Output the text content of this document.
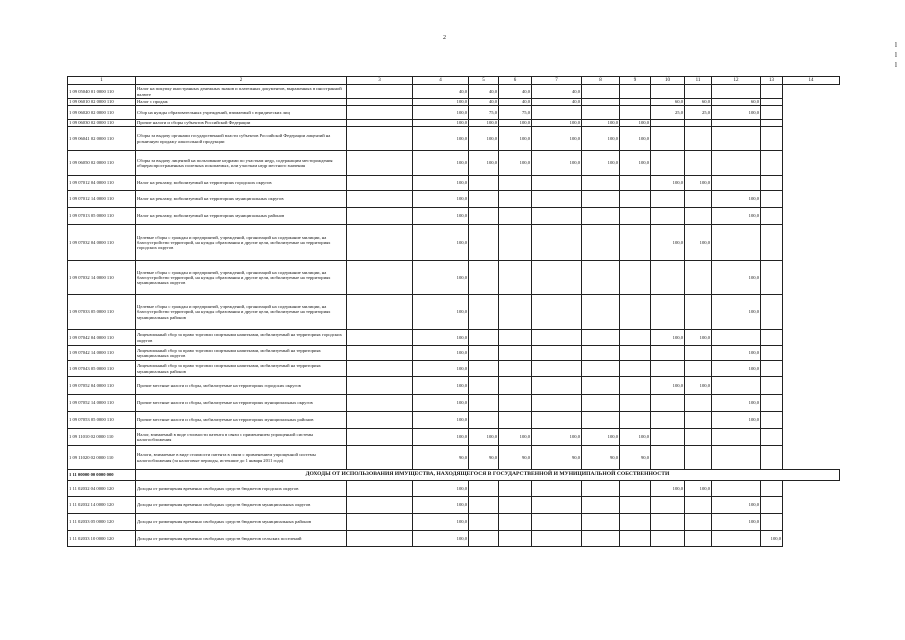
2
l
l
l
1	2	3	4	5	6	7	8	9	10	11	12	13	14
1 09 05040 01 0000 110	Налог на покупку иностранных денежных знаков и платежных документов, выраженных в иностранной валюте		40,0	40,0	40,0	40,0							
1 09 06010 02 0000 110	Налог с продаж		100,0	40,0	40,0	40,0			60,0	60,0	60,0		
1 09 06020 02 0000 110	Сбор на нужды образовательных учреждений, взимаемый с юридических лиц		100,0	75,0	75,0				25,0	25,0	100,0		
1 09 06030 02 0000 110	Прочие налоги и сборы субъектов Российской Федерации		100,0	100,0	100,0	100,0	100,0	100,0					
1 09 06041 02 0000 110	Сборы за выдачу органами государственной власти субъектов Российской Федерации лицензий на розничную продажу алкогольной продукции		100,0	100,0	100,0	100,0	100,0	100,0					
1 09 06050 02 0000 110	Сборы за выдачу лицензий на пользование недрами по участкам недр, содержащим месторождения общераспространенных полезных ископаемых, или участкам недр местного значения		100,0	100,0	100,0	100,0	100,0	100,0					
1 09 07012 04 0000 110	Налог на рекламу, мобилизуемый на территориях городских округов		100,0						100,0	100,0			
1 09 07012 14 0000 110	Налог на рекламу, мобилизуемый на территориях муниципальных округов		100,0								100,0		
1 09 07013 05 0000 110	Налог на рекламу, мобилизуемый на территориях муниципальных районов		100,0								100,0		
1 09 07032 04 0000 110	Целевые сборы с граждан и предприятий, учреждений, организаций на содержание милиции, на благоустройство территорий, на нужды образования и другие цели, мобилизуемые на территориях городских округов		100,0						100,0	100,0			
1 09 07032 14 0000 110	Целевые сборы с граждан и предприятий, учреждений, организаций на содержание милиции, на благоустройство территорий, на нужды образования и другие цели, мобилизуемые на территориях муниципальных округов		100,0								100,0		
1 09 07033 05 0000 110	Целевые сборы с граждан и предприятий, учреждений, организаций на содержание милиции, на благоустройство территорий, на нужды образования и другие цели, мобилизуемые на территориях муниципальных районов		100,0								100,0		
1 09 07042 04 0000 110	Лицензионный сбор за право торговли спиртными напитками, мобилизуемый на территориях городских округов		100,0						100,0	100,0			
1 09 07042 14 0000 110	Лицензионный сбор за право торговли спиртными напитками, мобилизуемый на территориях муниципальных округов		100,0								100,0		
1 09 07043 05 0000 110	Лицензионный сбор за право торговли спиртными напитками, мобилизуемый на территориях муниципальных районов		100,0								100,0		
1 09 07052 04 0000 110	Прочие местные налоги и сборы, мобилизуемые на территориях городских округов		100,0						100,0	100,0			
1 09 07052 14 0000 110	Прочие местные налоги и сборы, мобилизуемые на территориях муниципальных округов		100,0								100,0		
1 09 07053 05 0000 110	Прочие местные налоги и сборы, мобилизуемые на территориях муниципальных районов		100,0								100,0		
1 09 11010 02 0000 110	Налог, взимаемый в виде стоимости патента в связи с применением упрощенной системы налогообложения		100,0	100,0	100,0	100,0	100,0	100,0					
1 09 11020 02 0000 110	Налоги, взимаемые в виде стоимости патента в связи с применением упрощенной системы налогообложения (за налоговые периоды, истекшие до 1 января 2011 года)		90,0	90,0	90,0	90,0	90,0	90,0					
1 11 00000 00 0000 000	ДОХОДЫ ОТ ИСПОЛЬЗОВАНИЯ ИМУЩЕСТВА, НАХОДЯЩЕГОСЯ В ГОСУДАРСТВЕННОЙ И МУНИЦИПАЛЬНОЙ СОБСТВЕННОСТИ												
1 11 02032 04 0000 120	Доходы от размещения временно свободных средств бюджетов городских округов		100,0						100,0	100,0			
1 11 02032 14 0000 120	Доходы от размещения временно свободных средств бюджетов муниципальных округов		100,0								100,0		
1 11 02033 05 0000 120	Доходы от размещения временно свободных средств бюджетов муниципальных районов		100,0								100,0		
1 11 02033 10 0000 120	Доходы от размещения временно свободных средств бюджетов сельских поселений		100,0									100,0	
